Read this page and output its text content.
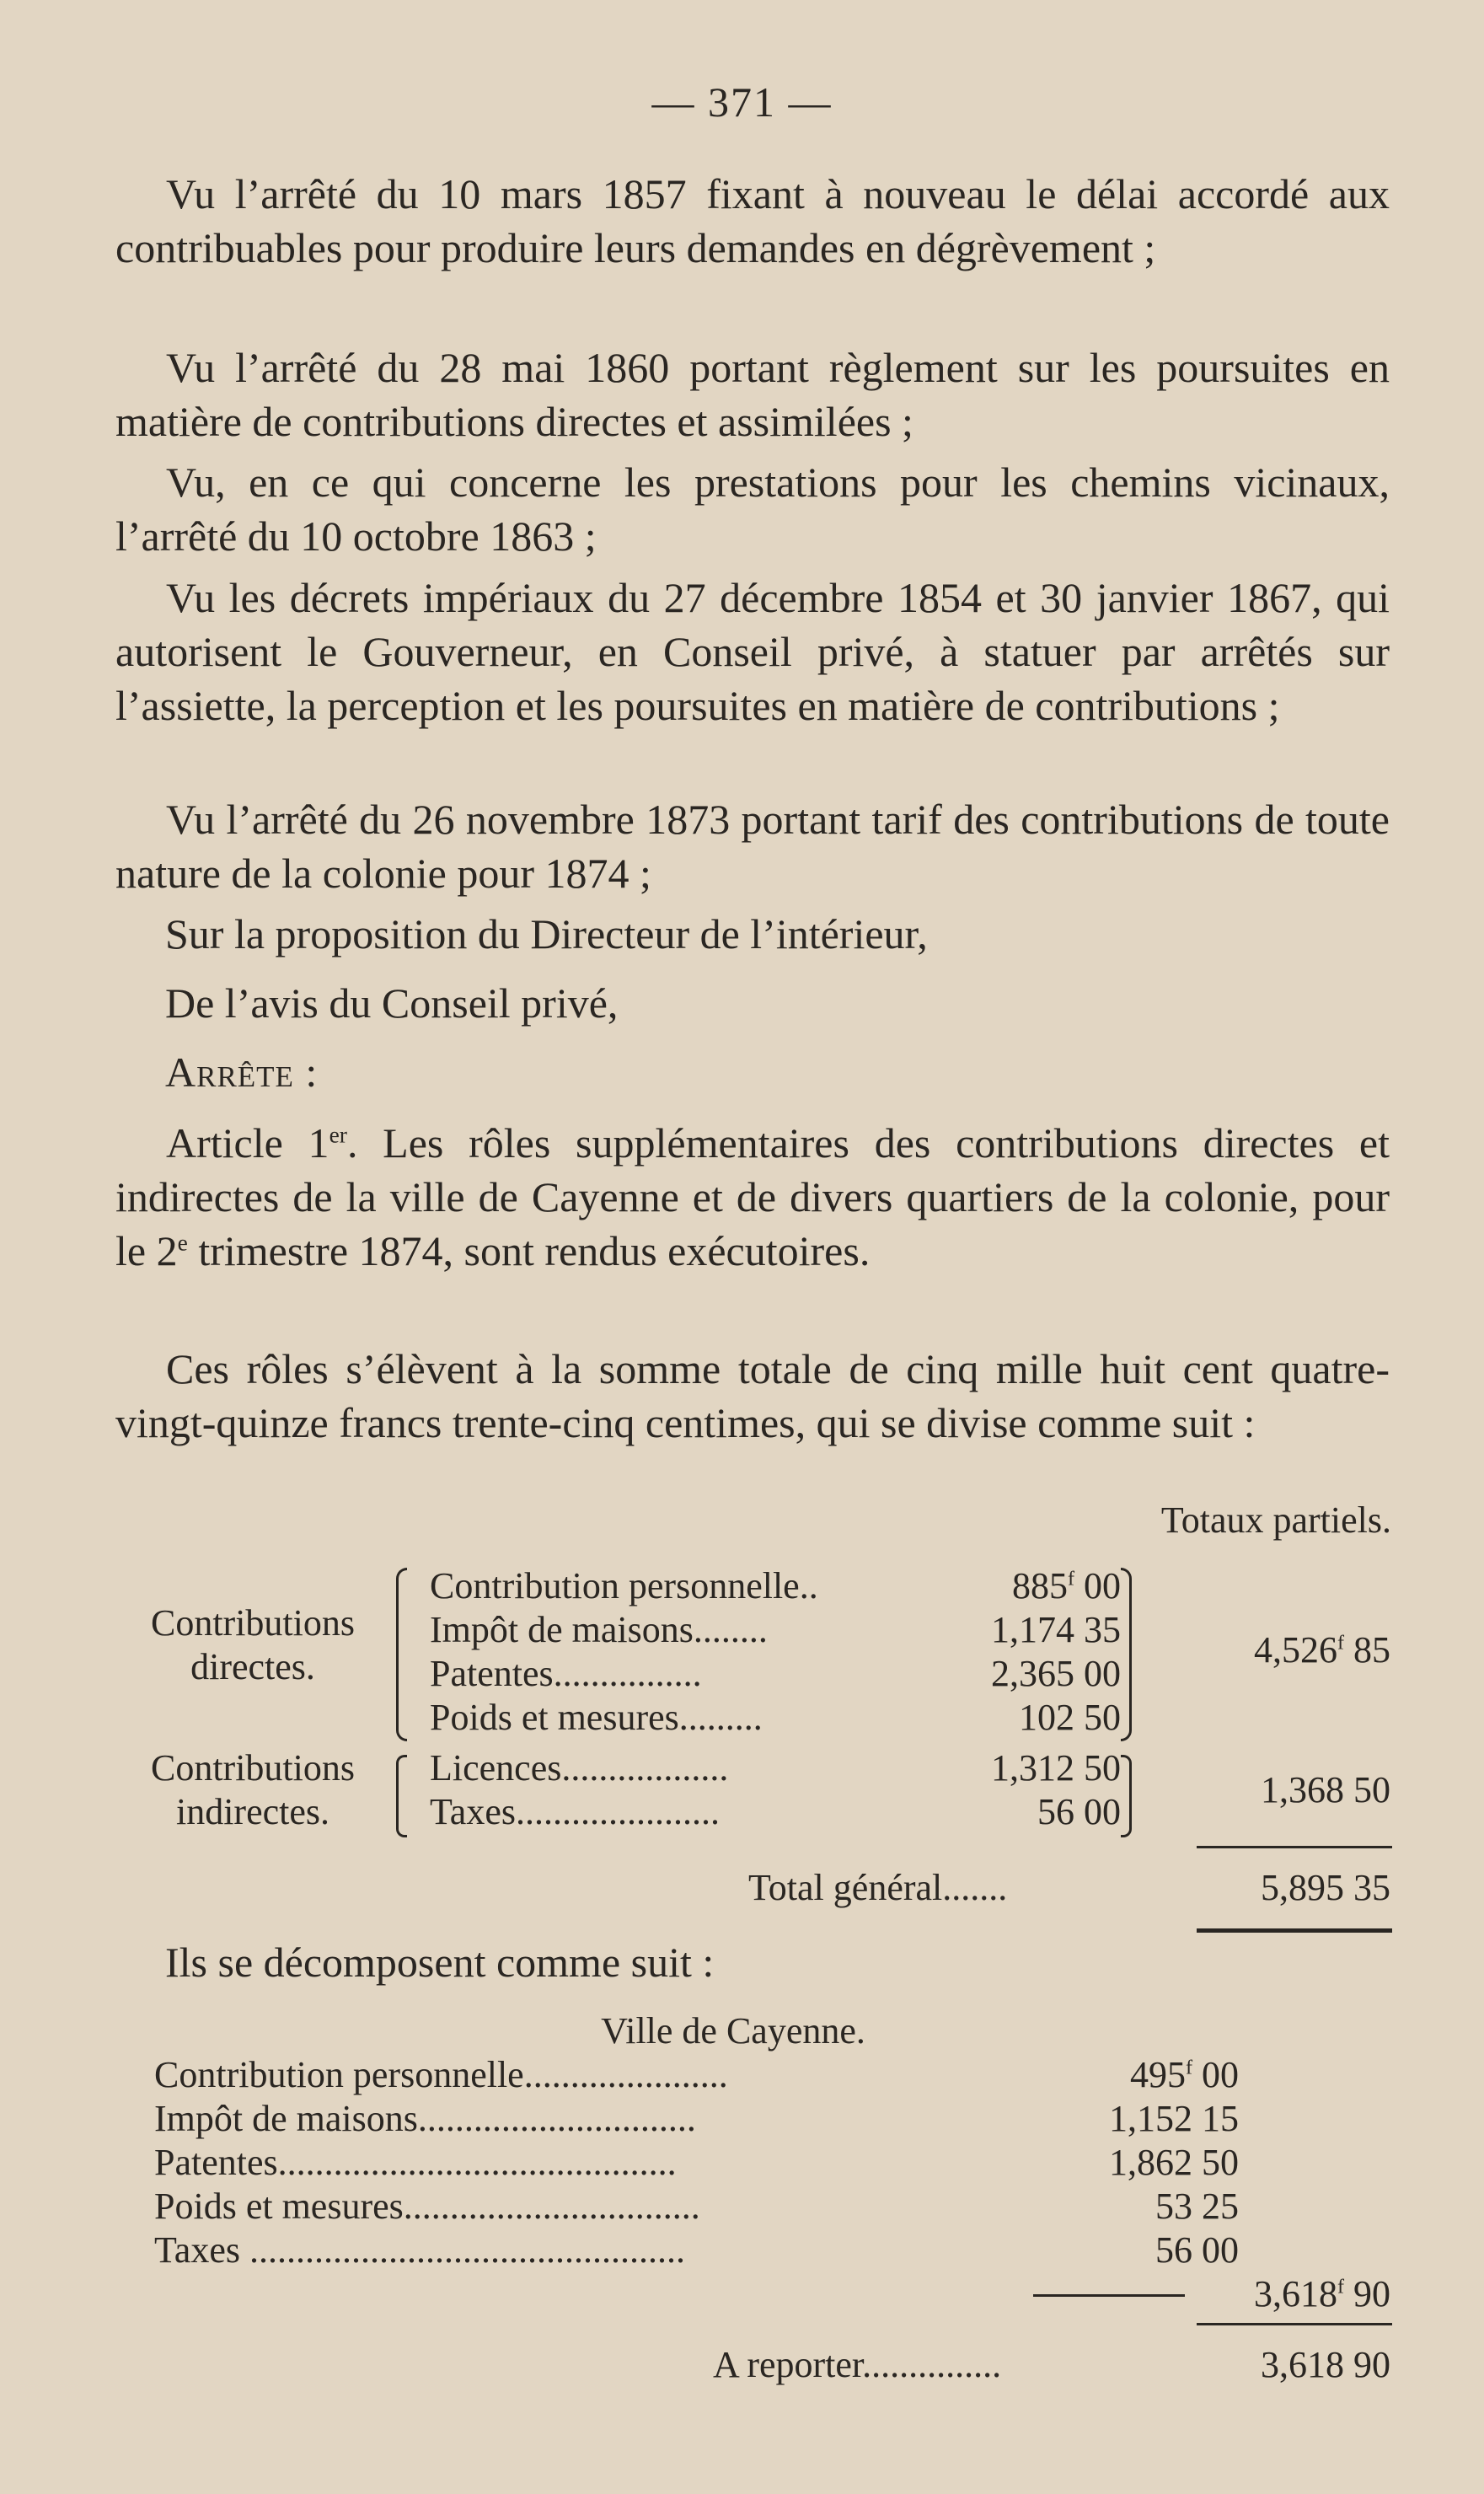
— 371 —
Vu l’arrêté du 10 mars 1857 fixant à nouveau le délai accordé aux contribuables pour produire leurs demandes en dégrèvement ;
Vu l’arrêté du 28 mai 1860 portant règlement sur les poursuites en matière de contributions directes et assimilées ;
Vu, en ce qui concerne les prestations pour les chemins vicinaux, l’arrêté du 10 octobre 1863 ;
Vu les décrets impériaux du 27 décembre 1854 et 30 janvier 1867, qui autorisent le Gouverneur, en Conseil privé, à statuer par arrêtés sur l’assiette, la perception et les poursuites en matière de contributions ;
Vu l’arrêté du 26 novembre 1873 portant tarif des contributions de toute nature de la colonie pour 1874 ;
Sur la proposition du Directeur de l’intérieur,
De l’avis du Conseil privé,
Arrête :
Article 1er. Les rôles supplémentaires des contributions directes et indirectes de la ville de Cayenne et de divers quartiers de la colonie, pour le 2e trimestre 1874, sont rendus exécutoires.
Ces rôles s’élèvent à la somme totale de cinq mille huit cent quatre-vingt-quinze francs trente-cinq centimes, qui se divise comme suit :
Totaux partiels.
Contributions
directes.
Contribution personnelle..	885$^f$ 00
Impôt de maisons........	1,174 35
Patentes................	2,365 00
Poids et mesures.........	102 50
4,526$^f$ 85
Contributions
indirectes.
Licences..................	1,312 50
Taxes......................	56 00
1,368 50
Total général.......	5,895 35
Ils se décomposent comme suit :
Ville de Cayenne.
Contribution personnelle......................	495$^f$ 00
Impôt de maisons..............................	1,152 15
Patentes...........................................	1,862 50
Poids et mesures................................	53 25
Taxes ...............................................	56 00
3,618$^f$ 90
A reporter...............	3,618 90
